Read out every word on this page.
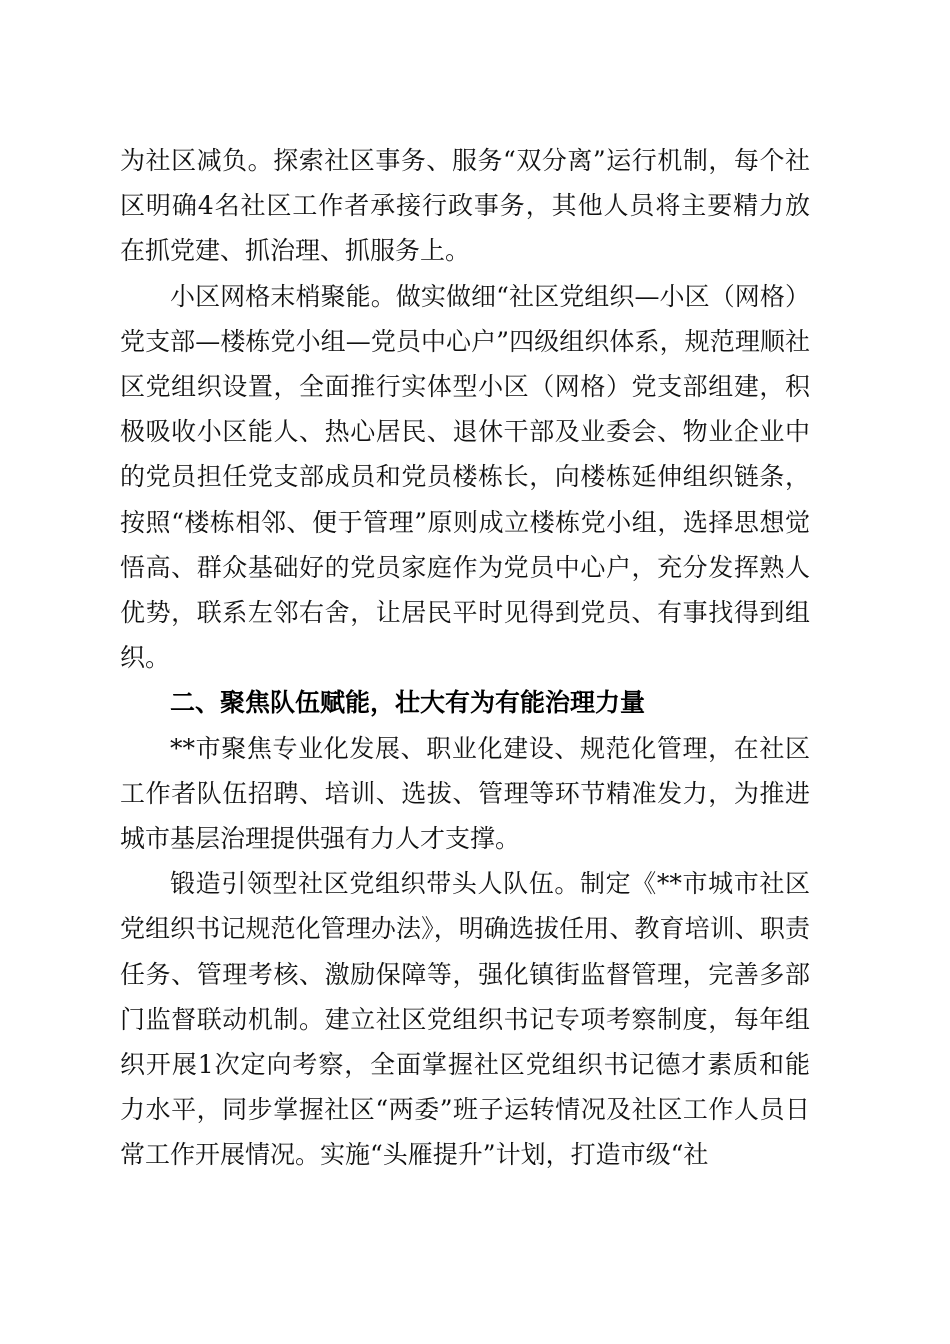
为社区减负。探索社区事务、服务“双分离”运行机制，每个社区明确4名社区工作者承接行政事务，其他人员将主要精力放在抓党建、抓治理、抓服务上。

小区网格末梢聚能。做实做细“社区党组织—小区（网格）党支部—楼栋党小组—党员中心户”四级组织体系，规范理顺社区党组织设置，全面推行实体型小区（网格）党支部组建，积极吸收小区能人、热心居民、退休干部及业委会、物业企业中的党员担任党支部成员和党员楼栋长，向楼栋延伸组织链条，按照“楼栋相邻、便于管理”原则成立楼栋党小组，选择思想觉悟高、群众基础好的党员家庭作为党员中心户，充分发挥熟人优势，联系左邻右舍，让居民平时见得到党员、有事找得到组织。

二、聚焦队伍赋能，壮大有为有能治理力量

**市聚焦专业化发展、职业化建设、规范化管理，在社区工作者队伍招聘、培训、选拔、管理等环节精准发力，为推进城市基层治理提供强有力人才支撑。

锻造引领型社区党组织带头人队伍。制定《**市城市社区党组织书记规范化管理办法》，明确选拔任用、教育培训、职责任务、管理考核、激励保障等，强化镇街监督管理，完善多部门监督联动机制。建立社区党组织书记专项考察制度，每年组织开展1次定向考察，全面掌握社区党组织书记德才素质和能力水平，同步掌握社区“两委”班子运转情况及社区工作人员日常工作开展情况。实施“头雁提升”计划，打造市级“社
